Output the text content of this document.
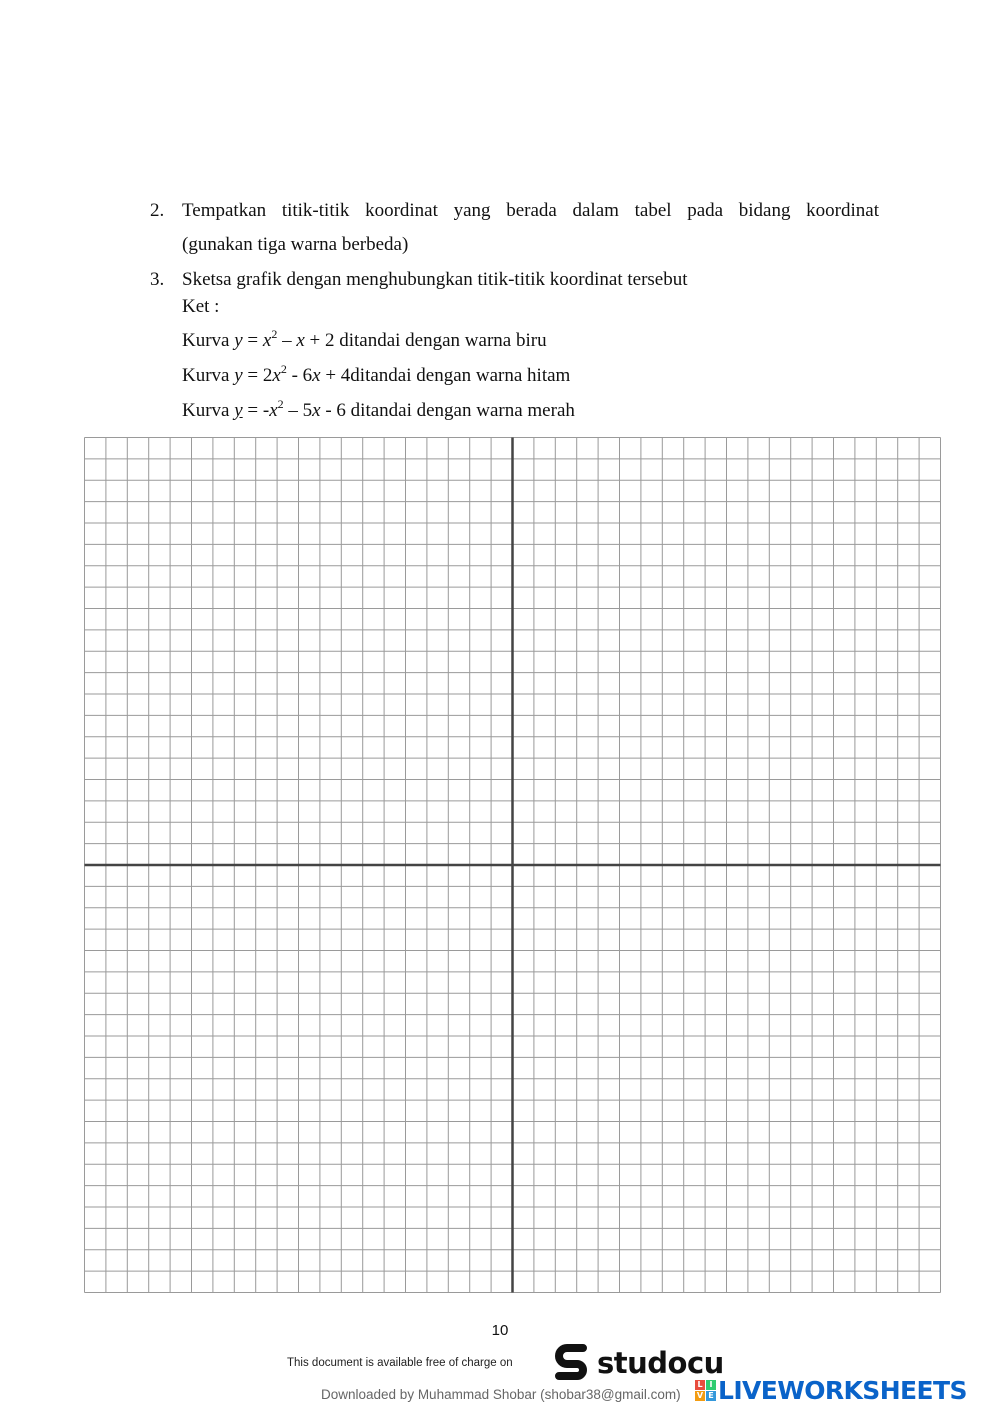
2. Tempatkan titik-titik koordinat yang berada dalam tabel pada bidang koordinat
(gunakan tiga warna berbeda)
3. Sketsa grafik dengan menghubungkan titik-titik koordinat tersebut
Ket :
Kurva $y = x^2 - x + 2$ ditandai dengan warna biru
Kurva $y = 2x^2 - 6x$ + 4ditandai dengan warna hitam
Kurva $y = -x^2 - 5x - 6$ ditandai dengan warna merah
10
This document is available free of charge on	studocu
Downloaded by Muhammad Shobar (shobar38@gmail.com)
L I
V E LIVEWORKSHEETS
